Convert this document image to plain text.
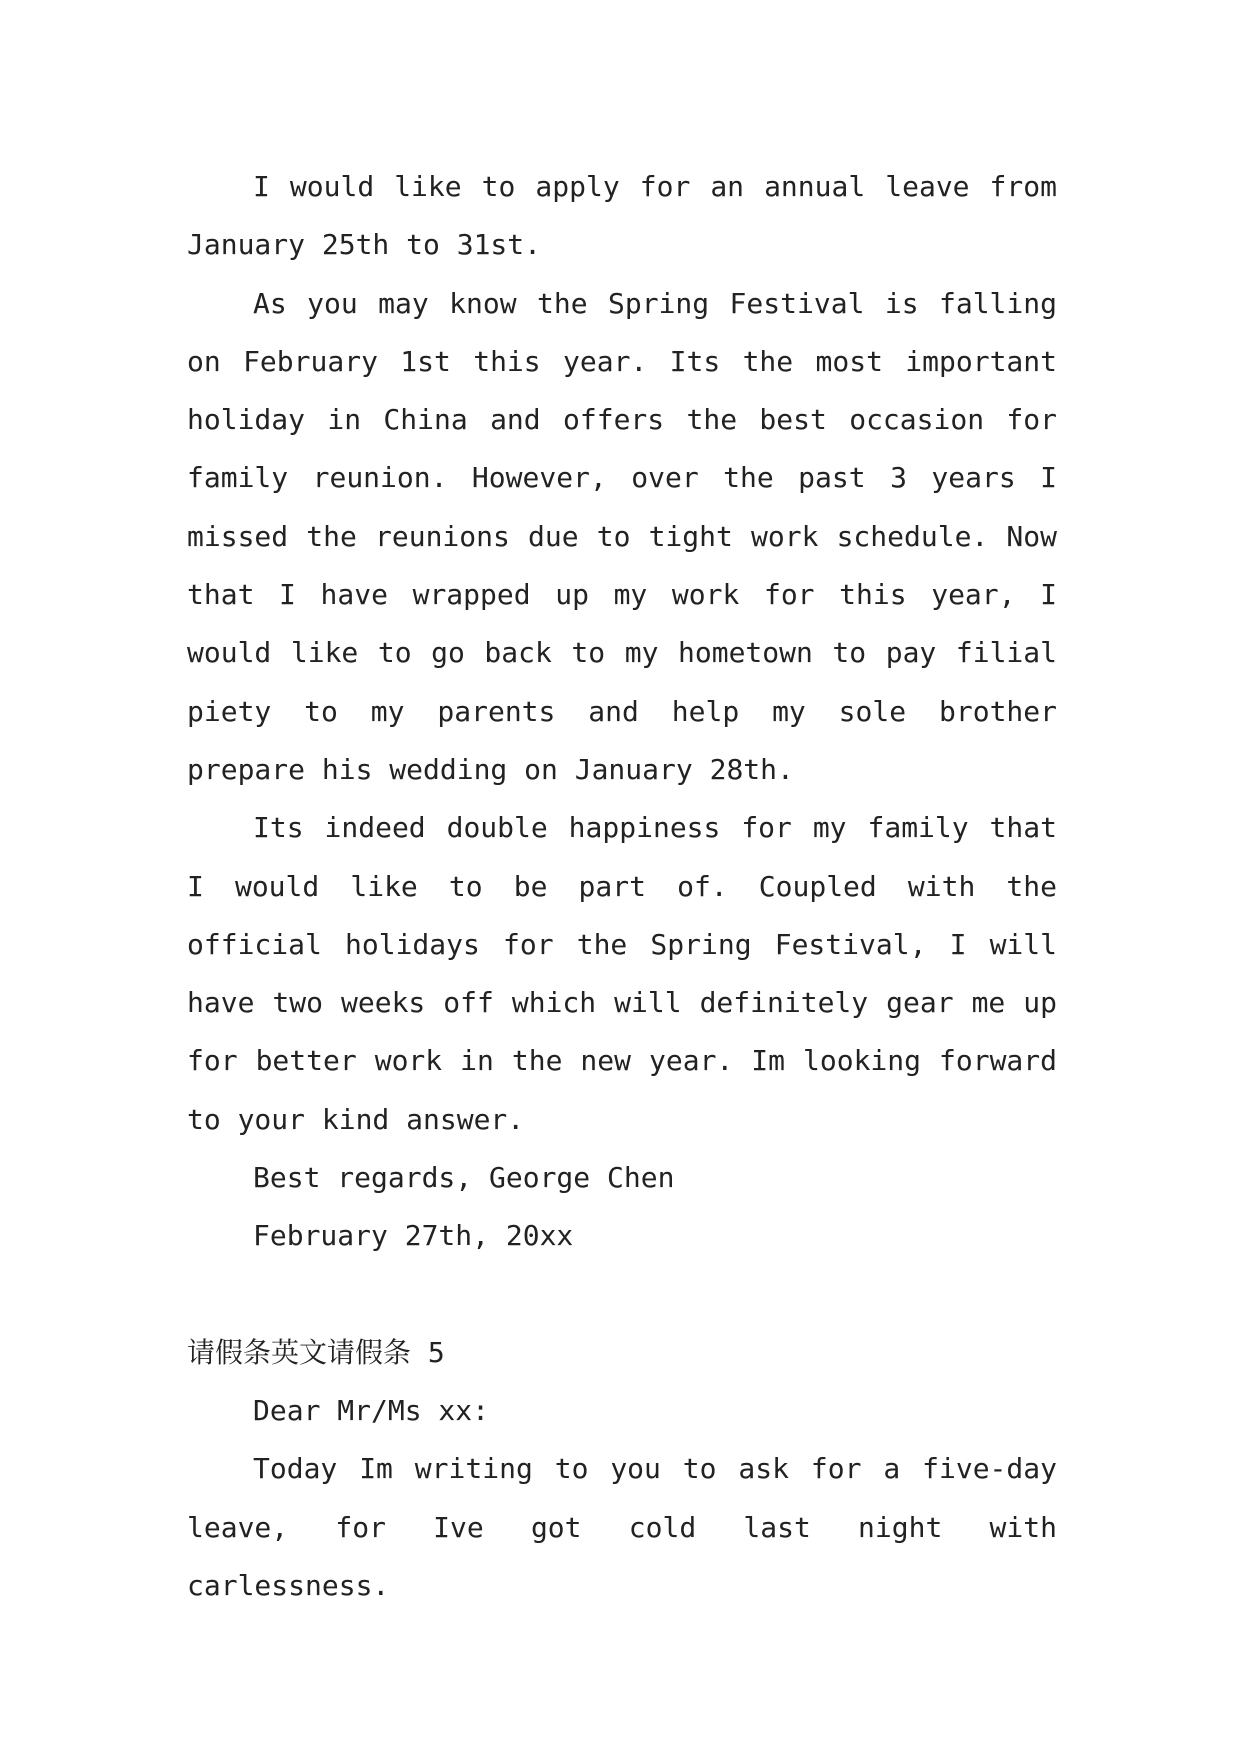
I would like to apply for an annual leave from January 25th to 31st.

As you may know the Spring Festival is falling on February 1st this year. Its the most important holiday in China and offers the best occasion for family reunion. However, over the past 3 years I missed the reunions due to tight work schedule. Now that I have wrapped up my work for this year, I would like to go back to my hometown to pay filial piety to my parents and help my sole brother prepare his wedding on January 28th.

Its indeed double happiness for my family that I would like to be part of. Coupled with the official holidays for the Spring Festival, I will have two weeks off which will definitely gear me up for better work in the new year. Im looking forward to your kind answer.

Best regards, George Chen

February 27th, 20xx

请假条英文请假条 5

Dear Mr/Ms xx:

Today Im writing to you to ask for a five-day leave, for Ive got cold last night with carlessness.
